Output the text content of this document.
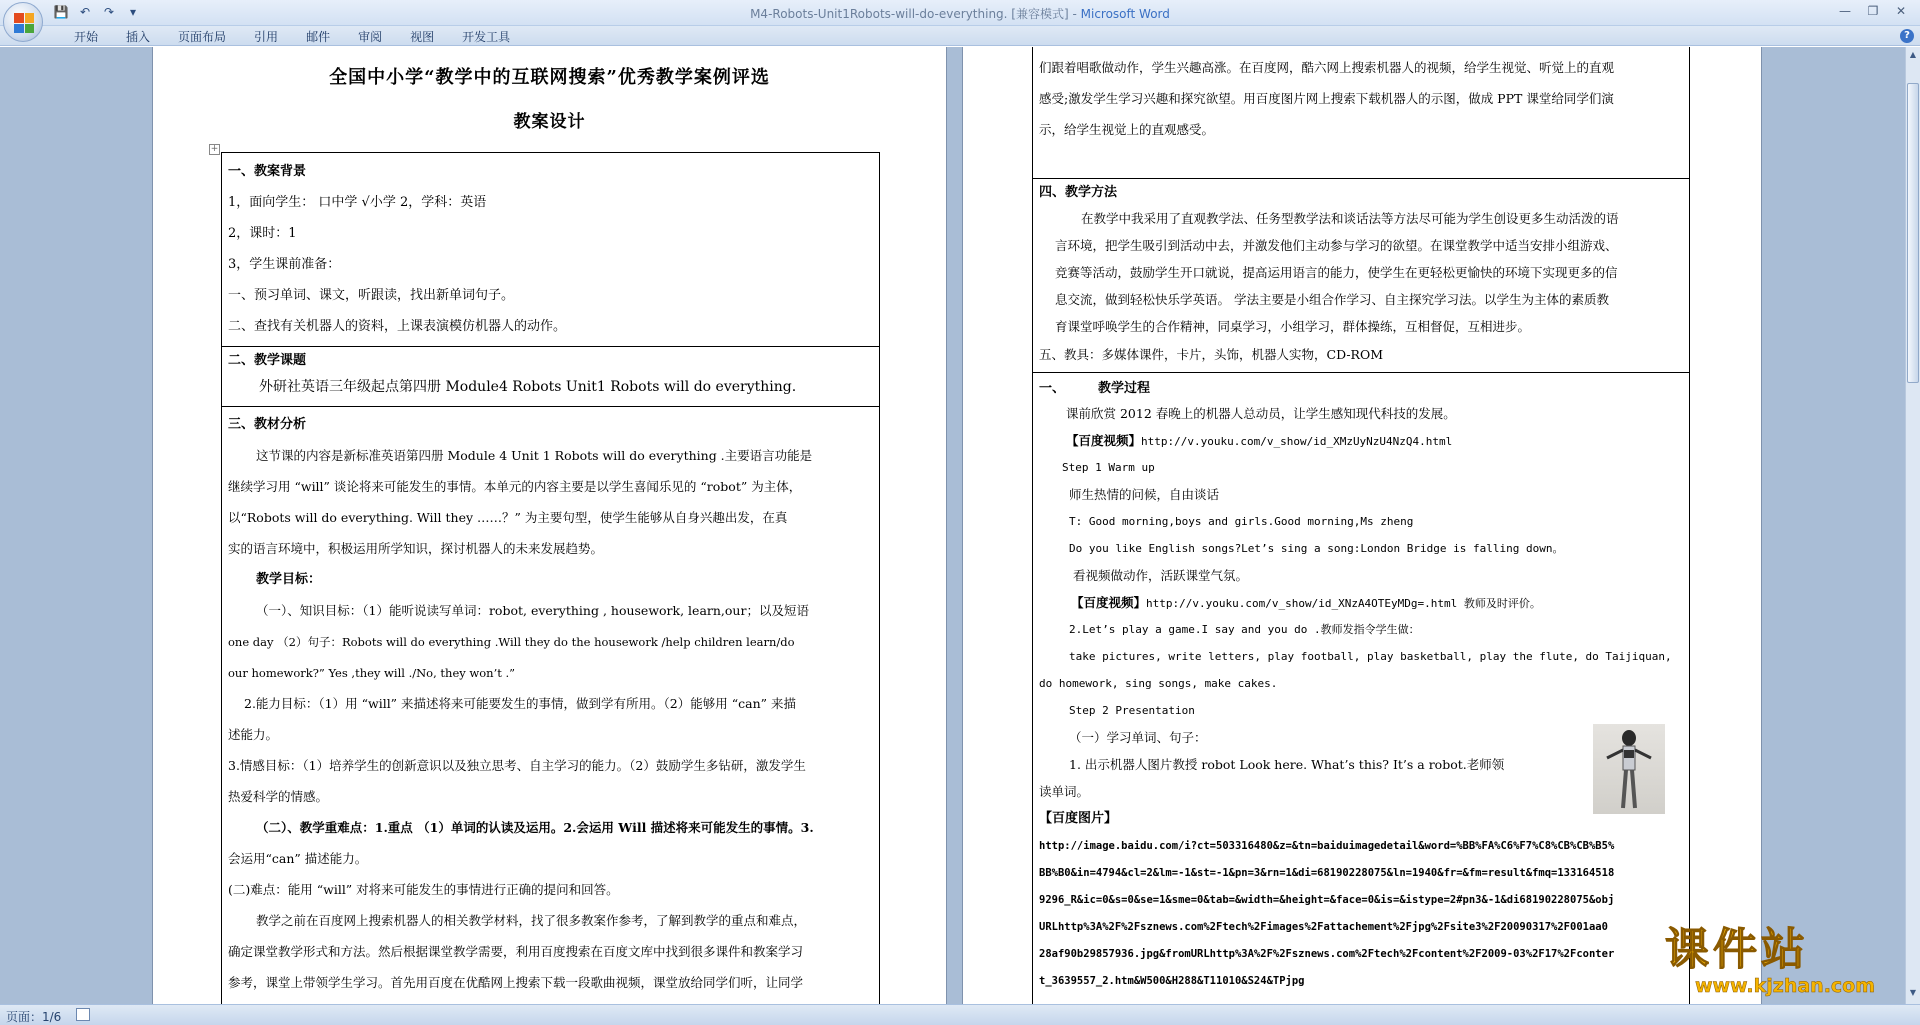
💾 ↶	↷	▾	M4-Robots-Unit1Robots-will-do-everything. [兼容模式] - Microsoft Word	—	❐	✕
开始	插入	页面布局	引用	邮件	审阅	视图	开发工具	?
全国中小学“教学中的互联网搜索”优秀教学案例评选
教案设计
+
一、教案背景
1，面向学生： 口中学 √小学 2，学科：英语
2，课时：1
3，学生课前准备：
一、预习单词、课文，听跟读，找出新单词句子。
二、查找有关机器人的资料，上课表演模仿机器人的动作。
二、教学课题
外研社英语三年级起点第四册 Module4 Robots Unit1 Robots will do everything.
三、教材分析
这节课的内容是新标准英语第四册 Module 4 Unit 1 Robots will do everything .主要语言功能是
继续学习用 “will” 谈论将来可能发生的事情。本单元的内容主要是以学生喜闻乐见的 “robot” 为主体，
以“Robots will do everything. Will they ……？” 为主要句型，使学生能够从自身兴趣出发，在真
实的语言环境中，积极运用所学知识，探讨机器人的未来发展趋势。
教学目标：
（一）、知识目标：（1）能听说读写单词：robot, everything , housework, learn,our；以及短语
one day （2）句子：Robots will do everything .Will they do the housework /help children learn/do
our homework?” Yes ,they will ./No, they won’t .”
2.能力目标：（1）用 “will” 来描述将来可能要发生的事情，做到学有所用。（2）能够用 “can” 来描
述能力。
3.情感目标：（1）培养学生的创新意识以及独立思考、自主学习的能力。（2）鼓励学生多钻研，激发学生
热爱科学的情感。
（二）、教学重难点：1.重点 （1）单词的认读及运用。2.会运用 Will 描述将来可能发生的事情。3.
会运用“can” 描述能力。
(二)难点：能用 “will” 对将来可能发生的事情进行正确的提问和回答。
教学之前在百度网上搜索机器人的相关教学材料，找了很多教案作参考，了解到教学的重点和难点，
确定课堂教学形式和方法。然后根据课堂教学需要，利用百度搜索在百度文库中找到很多课件和教案学习
参考，课堂上带领学生学习。首先用百度在优酷网上搜索下载一段歌曲视频，课堂放给同学们听，让同学
们跟着唱歌做动作，学生兴趣高涨。在百度网，酷六网上搜索机器人的视频，给学生视觉、听觉上的直观
感受;激发学生学习兴趣和探究欲望。用百度图片网上搜索下载机器人的示图，做成 PPT 课堂给同学们演
示，给学生视觉上的直观感受。
四、教学方法
在教学中我采用了直观教学法、任务型教学法和谈话法等方法尽可能为学生创设更多生动活泼的语
言环境，把学生吸引到活动中去，并激发他们主动参与学习的欲望。在课堂教学中适当安排小组游戏、
竞赛等活动，鼓励学生开口就说，提高运用语言的能力，使学生在更轻松更愉快的环境下实现更多的信
息交流，做到轻松快乐学英语。 学法主要是小组合作学习、自主探究学习法。以学生为主体的素质教
育课堂呼唤学生的合作精神，同桌学习，小组学习，群体操练，互相督促，互相进步。
五、教具：多媒体课件，卡片，头饰，机器人实物，CD-ROM
一、	教学过程
课前欣赏 2012 春晚上的机器人总动员，让学生感知现代科技的发展。
【百度视频】http://v.youku.com/v_show/id_XMzUyNzU4NzQ4.html
Step 1 Warm up
师生热情的问候，自由谈话
T: Good morning,boys and girls.Good morning,Ms zheng
Do you like English songs?Let’s sing a song:London Bridge is falling down。
看视频做动作，活跃课堂气氛。
【百度视频】http://v.youku.com/v_show/id_XNzA4OTEyMDg=.html 教师及时评价。
2.Let’s play a game.I say and you do .教师发指令学生做：
take pictures, write letters, play football, play basketball, play the flute, do Taijiquan,
do homework, sing songs, make cakes.
Step 2 Presentation
（一）学习单词、句子：
1. 出示机器人图片教授 robot Look here. What’s this? It’s a robot.老师领
读单词。
【百度图片】
http://image.baidu.com/i?ct=503316480&z=&tn=baiduimagedetail&word=%BB%FA%C6%F7%C8%CB%CB%B5%
BB%B0&in=4794&cl=2&lm=-1&st=-1&pn=3&rn=1&di=68190228075&ln=1940&fr=&fm=result&fmq=133164518
9296_R&ic=0&s=0&se=1&sme=0&tab=&width=&height=&face=0&is=&istype=2#pn3&-1&di68190228075&obj
URLhttp%3A%2F%2Fsznews.com%2Ftech%2Fimages%2Fattachement%2Fjpg%2Fsite3%2F20090317%2F001aa0
28af90b29857936.jpg&fromURLhttp%3A%2F%2Fsznews.com%2Ftech%2Fcontent%2F2009-03%2F17%2Fconter
t_3639557_2.htm&W500&H288&T11010&S24&TPjpg
▲
▼
页面：1/6
课件站
www.kjzhan.com
